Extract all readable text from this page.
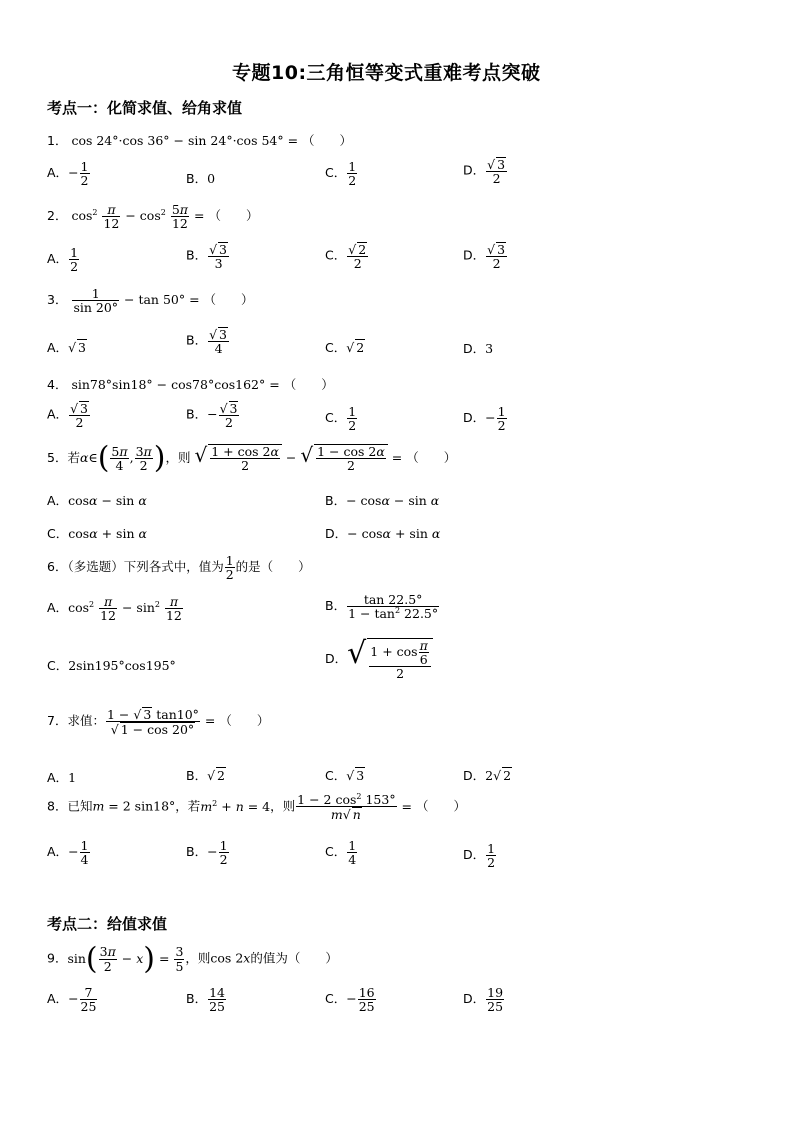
专题10:三角恒等变式重难考点突破
考点一：化简求值、给角求值
1． cos 24°·cos 36° − sin 24°·cos 54° = （　　）
A．− $\frac{1}{2}$	B．0	C． $\frac{1}{2}$	D． $\frac{√ 3}{2}$
2． $\cos^2 \frac{\pi}{12} - \cos^2 \frac{5\pi}{12}$ = （　　）
A． $\frac{1}{2}$	B． $\frac{√ 3}{3}$	C． $\frac{√ 2}{2}$	D． $\frac{√ 3}{2}$
3． $\frac{1}{\sin 20^\circ} - \tan 50^\circ$ = （　　）
A．√ 3	B． $\frac{√ 3}{4}$	C．√ 2	D．3
4． sin78°sin18° − cos78°cos162° = （　　）
A． $\frac{√ 3}{2}$	B．− $\frac{√ 3}{2}$	C． $\frac{1}{2}$	D．− $\frac{1}{2}$
5．若α∈( $\frac{5\pi}{4}$ , $\frac{3\pi}{2}$ )，则 √ $\frac{1 + \cos 2\alpha}{2}$ − √ $\frac{1 - \cos 2\alpha}{2}$ = （　　）
A．cosα − sin α	B．− cosα − sin α
C．cosα + sin α	D．− cosα + sin α
6．（多选题）下列各式中，值为 $\frac{1}{2}$ 的是（　　）
A．$\cos^2 \frac{\pi}{12} - \sin^2 \frac{\pi}{12}$	B． $\frac{\tan 22.5^\circ}{1 - \tan^2 22.5^\circ}$
C．2sin195°cos195°	D．√ $\frac{1 + \cos \frac{\pi}{6}}{2}$
7．求值： $\frac{1 - √ 3 \tan 10^\circ}{√ 1 - \cos 20^\circ}$ = （　　）
A．1	B．√ 2	C．√ 3	D．2√ 2
8．已知m = 2 sin18°，若$m^2 + n = 4$，则 $\frac{1 - 2 \cos^2 153^\circ}{m√ n}$ = （　　）
A．− $\frac{1}{4}$	B．− $\frac{1}{2}$	C． $\frac{1}{4}$	D． $\frac{1}{2}$
考点二：给值求值
9．$\sin( \frac{3\pi}{2} - x) = \frac{3}{5}$ ，则cos 2x的值为（　　）
A．− $\frac{7}{25}$	B． $\frac{14}{25}$	C．− $\frac{16}{25}$	D． $\frac{19}{25}$
